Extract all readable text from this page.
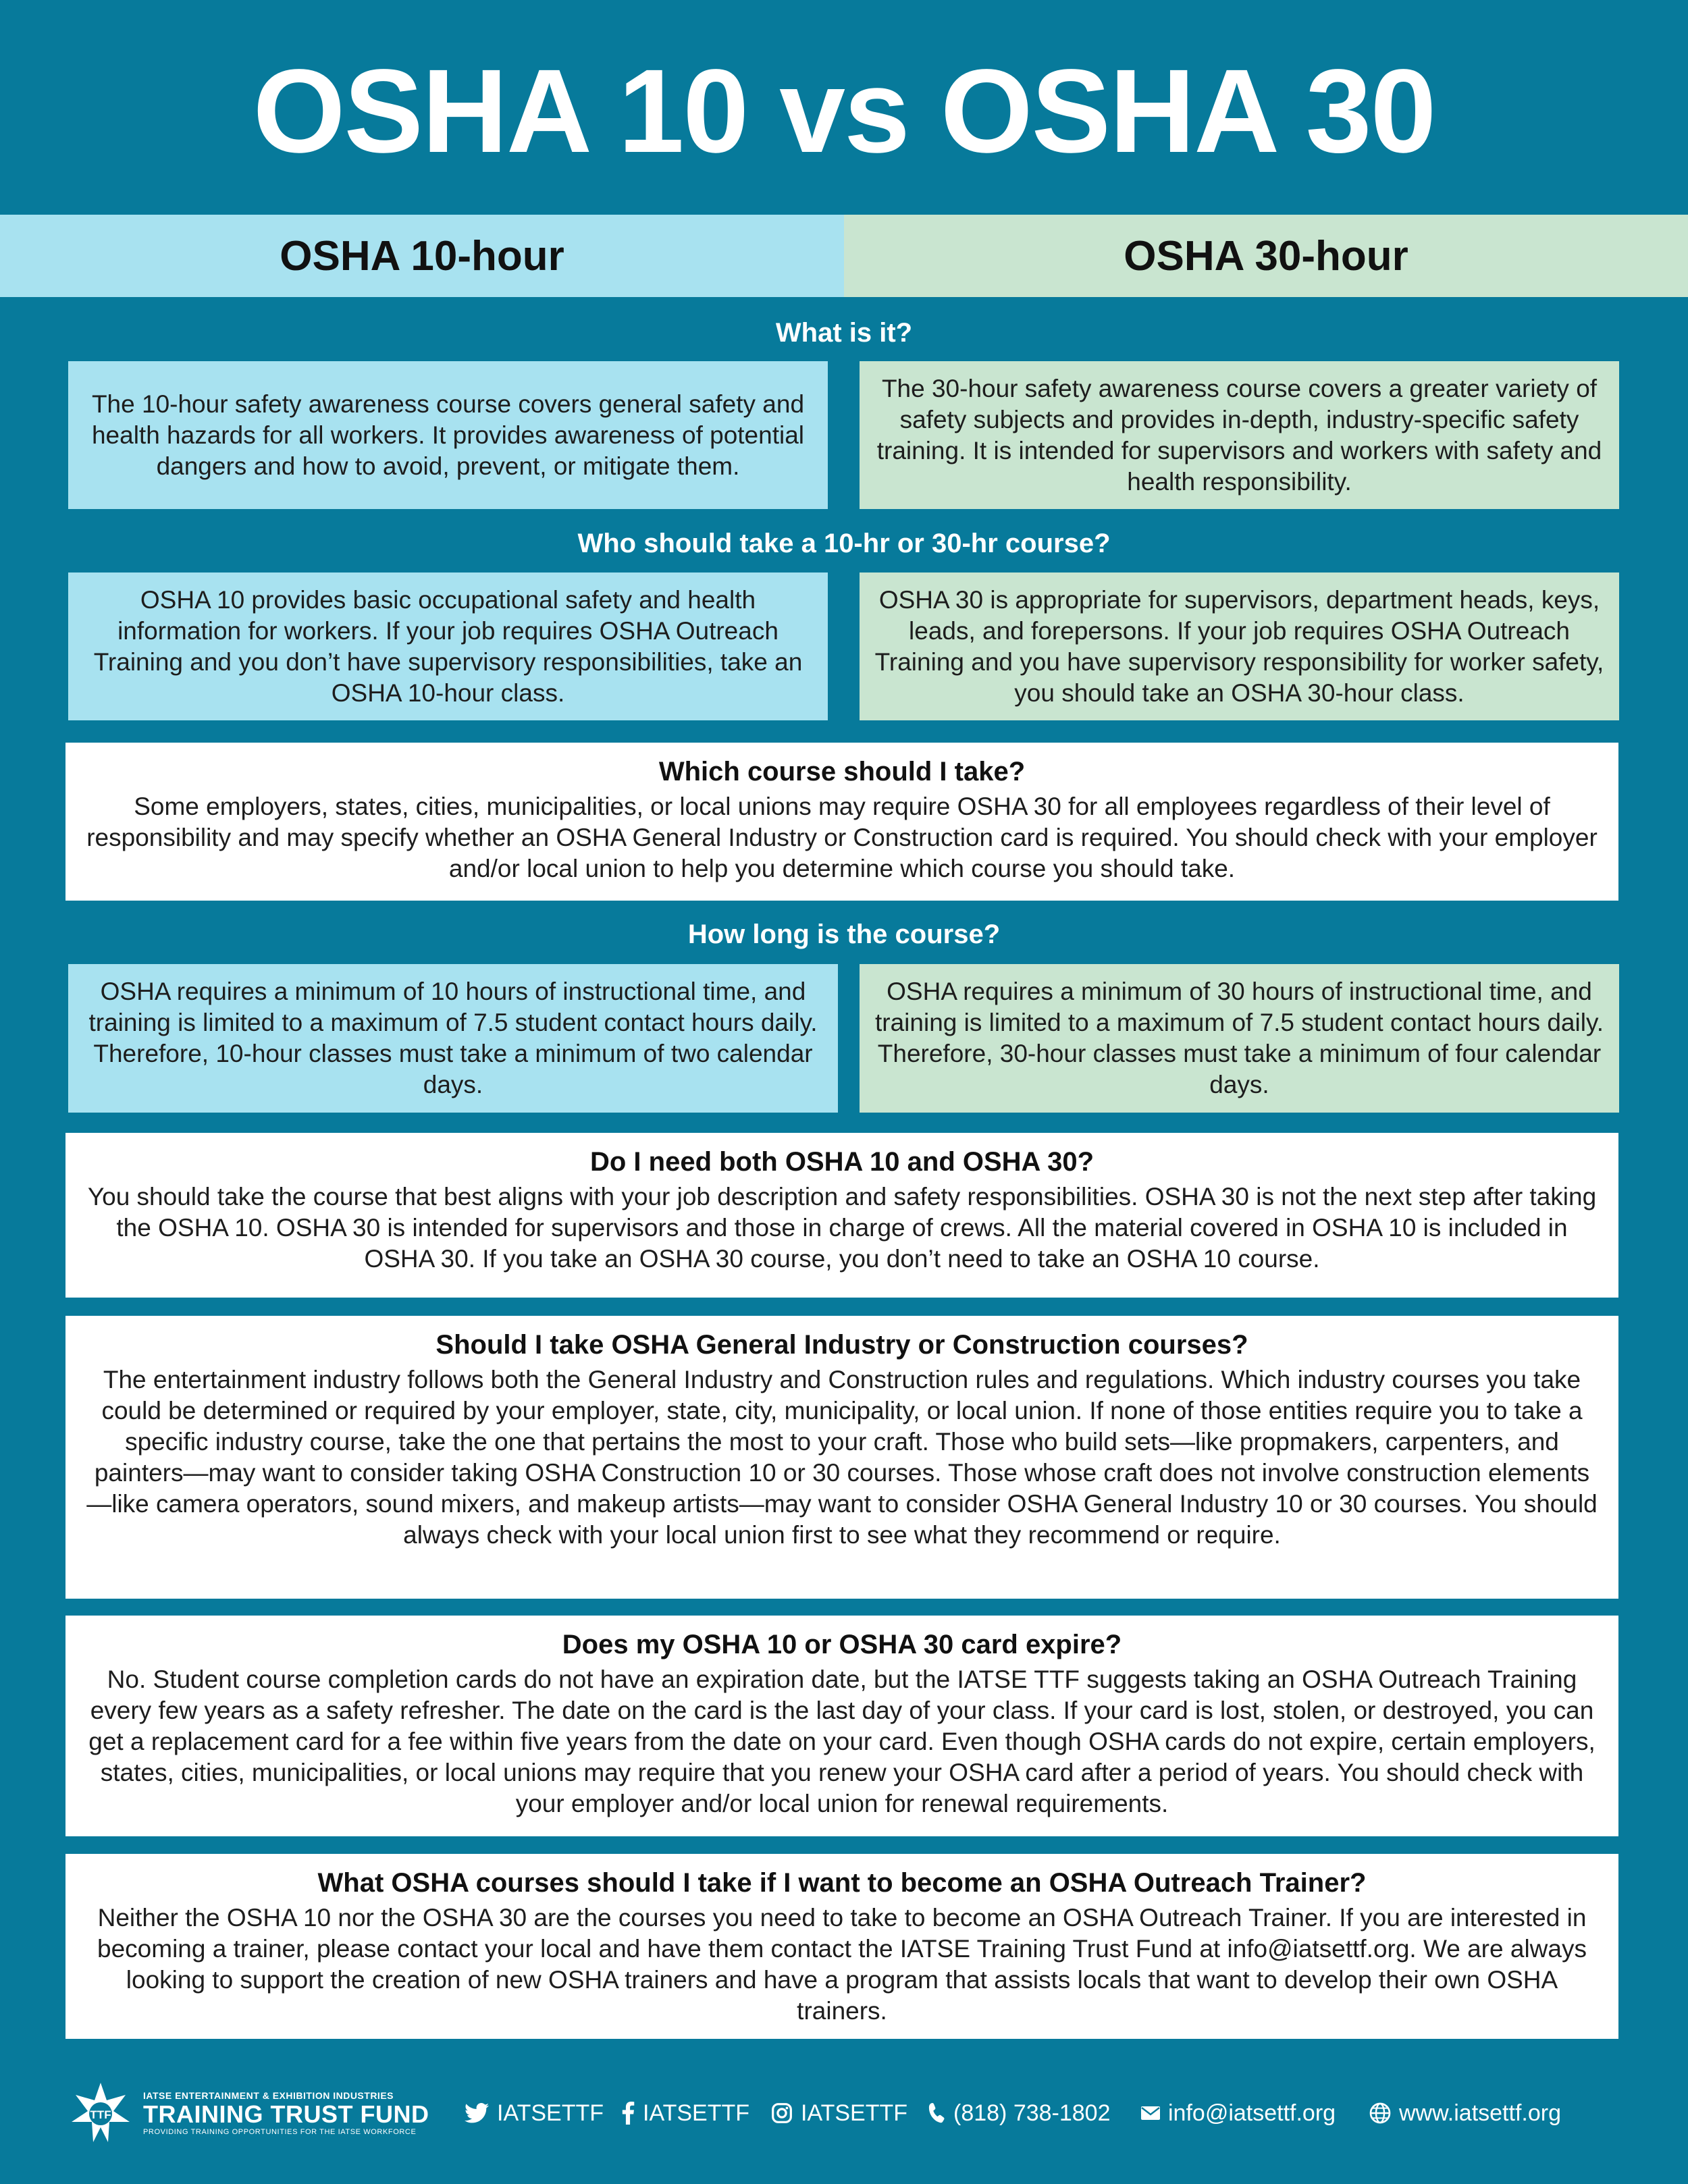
OSHA 10 vs OSHA 30
OSHA 10-hour	OSHA 30-hour
What is it?
The 10-hour safety awareness course covers general safety and health hazards for all workers. It provides awareness of potential dangers and how to avoid, prevent, or mitigate them.
The 30-hour safety awareness course covers a greater variety of safety subjects and provides in-depth, industry-specific safety training. It is intended for supervisors and workers with safety and health responsibility.
Who should take a 10-hr or 30-hr course?
OSHA 10 provides basic occupational safety and health information for workers. If your job requires OSHA Outreach Training and you don’t have supervisory responsibilities, take an OSHA 10-hour class.
OSHA 30 is appropriate for supervisors, department heads, keys, leads, and forepersons. If your job requires OSHA Outreach Training and you have supervisory responsibility for worker safety, you should take an OSHA 30-hour class.
Which course should I take?

Some employers, states, cities, municipalities, or local unions may require OSHA 30 for all employees regardless of their level of responsibility and may specify whether an OSHA General Industry or Construction card is required. You should check with your employer and/or local union to help you determine which course you should take.

How long is the course?
OSHA requires a minimum of 10 hours of instructional time, and training is limited to a maximum of 7.5 student contact hours daily. Therefore, 10-hour classes must take a minimum of two calendar days.
OSHA requires a minimum of 30 hours of instructional time, and training is limited to a maximum of 7.5 student contact hours daily. Therefore, 30-hour classes must take a minimum of four calendar days.
Do I need both OSHA 10 and OSHA 30?

You should take the course that best aligns with your job description and safety responsibilities. OSHA 30 is not the next step after taking the OSHA 10. OSHA 30 is intended for supervisors and those in charge of crews. All the material covered in OSHA 10 is included in OSHA 30. If you take an OSHA 30 course, you don’t need to take an OSHA 10 course.

Should I take OSHA General Industry or Construction courses?

The entertainment industry follows both the General Industry and Construction rules and regulations. Which industry courses you take could be determined or required by your employer, state, city, municipality, or local union. If none of those entities require you to take a specific industry course, take the one that pertains the most to your craft. Those who build sets—like propmakers, carpenters, and painters—may want to consider taking OSHA Construction 10 or 30 courses. Those whose craft does not involve construction elements—like camera operators, sound mixers, and makeup artists—may want to consider OSHA General Industry 10 or 30 courses. You should always check with your local union first to see what they recommend or require.

Does my OSHA 10 or OSHA 30 card expire?

No. Student course completion cards do not have an expiration date, but the IATSE TTF suggests taking an OSHA Outreach Training every few years as a safety refresher. The date on the card is the last day of your class. If your card is lost, stolen, or destroyed, you can get a replacement card for a fee within five years from the date on your card. Even though OSHA cards do not expire, certain employers, states, cities, municipalities, or local unions may require that you renew your OSHA card after a period of years. You should check with your employer and/or local union for renewal requirements.

What OSHA courses should I take if I want to become an OSHA Outreach Trainer?

Neither the OSHA 10 nor the OSHA 30 are the courses you need to take to become an OSHA Outreach Trainer. If you are interested in becoming a trainer, please contact your local and have them contact the IATSE Training Trust Fund at info@iatsettf.org. We are always looking to support the creation of new OSHA trainers and have a program that assists locals that want to develop their own OSHA trainers.

TTF
IATSE ENTERTAINMENT & EXHIBITION INDUSTRIES
TRAINING TRUST FUND
PROVIDING TRAINING OPPORTUNITIES FOR THE IATSE WORKFORCE
IATSETTF IATSETTF IATSETTF (818) 738-1802	info@iatsettf.org	www.iatsettf.org
